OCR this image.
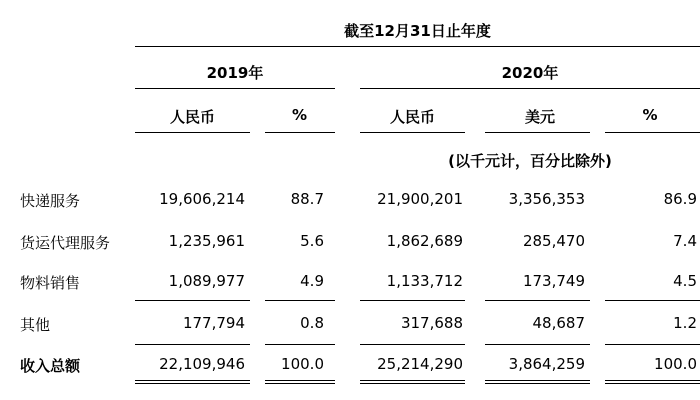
截至12月31日止年度
2019年	2020年
人民币	%	人民币	美元	%
(以千元计，百分比除外)
快递服务	19,606,214	88.7	21,900,201	3,356,353	86.9
货运代理服务	1,235,961	5.6	1,862,689	285,470	7.4
物料销售	1,089,977	4.9	1,133,712	173,749	4.5
其他	177,794	0.8	317,688	48,687	1.2
收入总额	22,109,946	100.0	25,214,290	3,864,259	100.0
